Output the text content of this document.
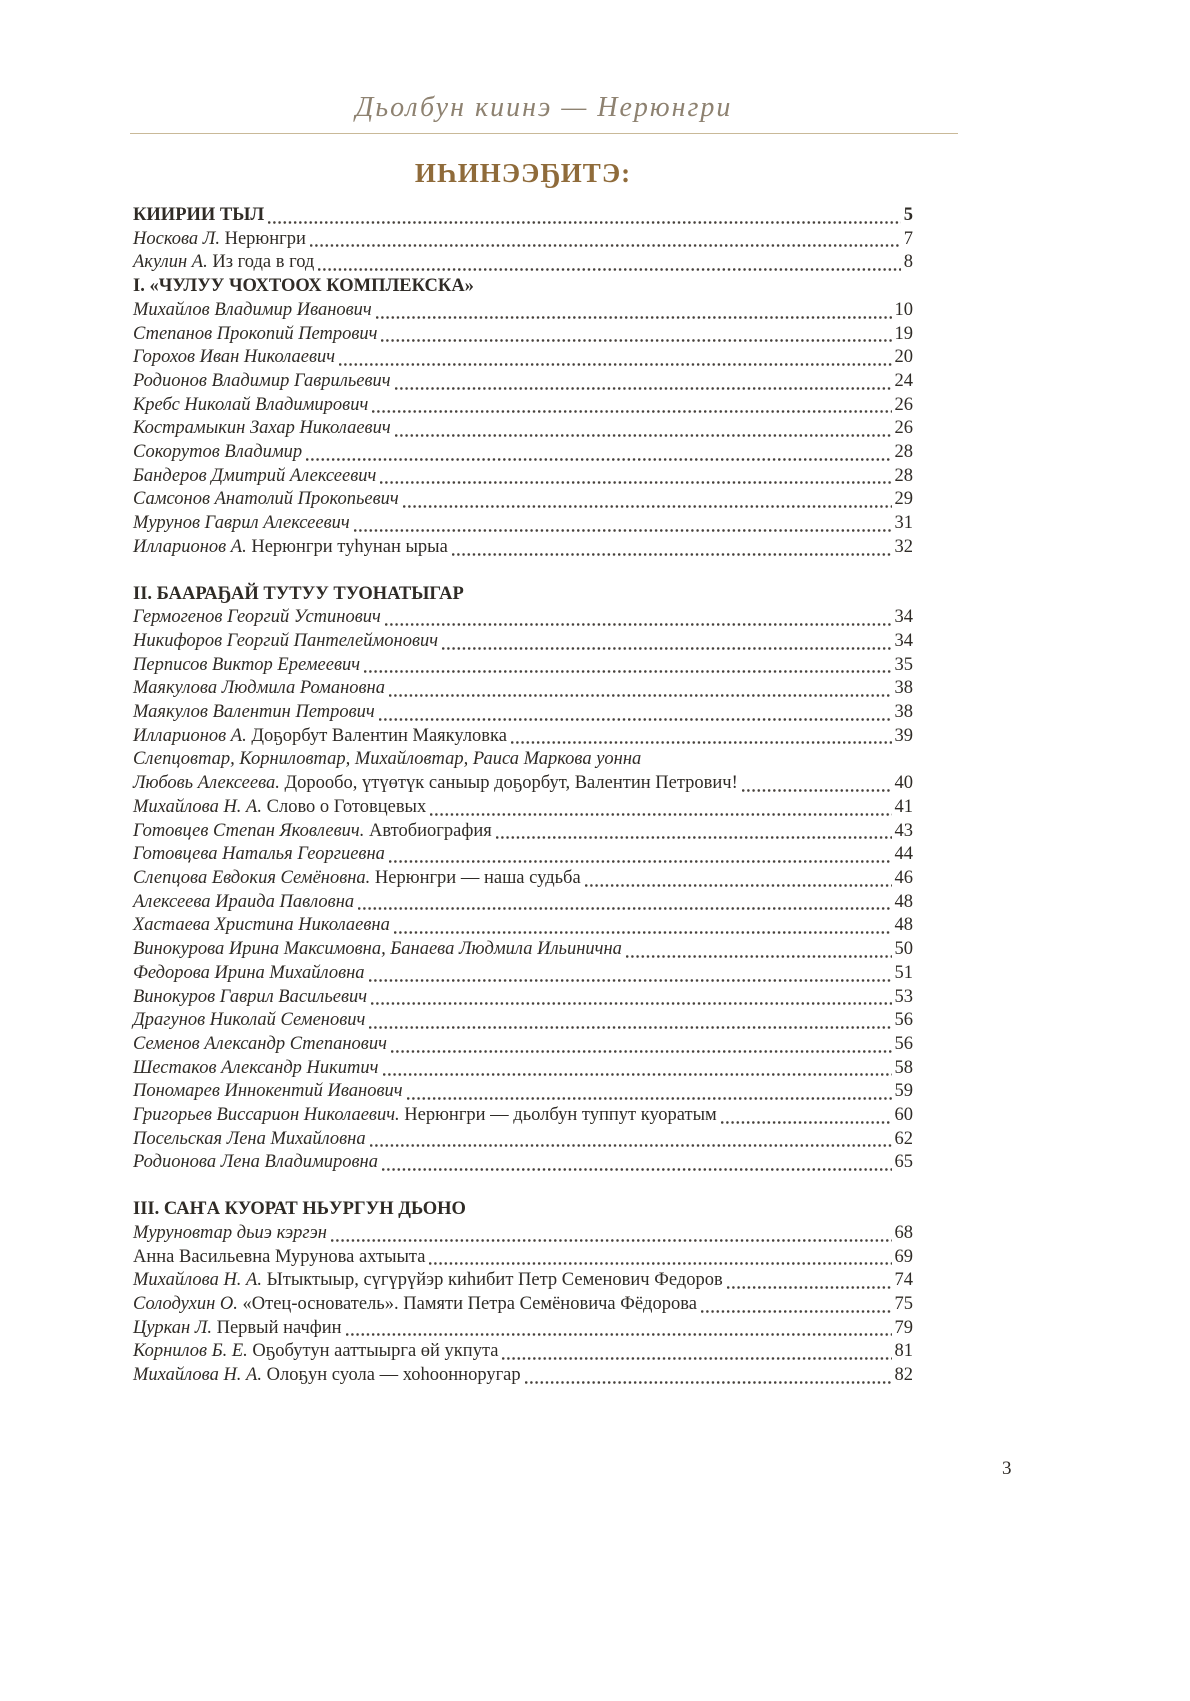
Дьолбун киинэ — Нерюнгри
ИҺИНЭЭҔИТЭ:
КИИРИИ ТЫЛ	5
Носкова Л. Нерюнгри	7
Акулин А. Из года в год	8
I. «ЧУЛУУ ЧОХТООХ КОМПЛЕКСКА»
Михайлов Владимир Иванович	10
Степанов Прокопий Петрович	19
Горохов Иван Николаевич	20
Родионов Владимир Гаврильевич	24
Кребс Николай Владимирович	26
Кострамыкин Захар Николаевич	26
Сокорутов Владимир	28
Бандеров Дмитрий Алексеевич	28
Самсонов Анатолий Прокопьевич	29
Мурунов Гаврил Алексеевич	31
Илларионов А. Нерюнгри туһунан ырыа	32
II. БААРАҔАЙ ТУТУУ ТУОНАТЫГАР
Гермогенов Георгий Устинович	34
Никифоров Георгий Пантелеймонович	34
Перписов Виктор Еремеевич	35
Маякулова Людмила Романовна	38
Маякулов Валентин Петрович	38
Илларионов А. Доҕорбут Валентин Маякуловка	39
Слепцовтар, Корниловтар, Михайловтар, Раиса Маркова уонна
Любовь Алексеева. Дорообо, үтүөтүк саныыр доҕорбут, Валентин Петрович!	40
Михайлова Н. А. Слово о Готовцевых	41
Готовцев Степан Яковлевич. Автобиография	43
Готовцева Наталья Георгиевна	44
Слепцова Евдокия Семёновна. Нерюнгри — наша судьба	46
Алексеева Ираида Павловна	48
Хастаева Христина Николаевна	48
Винокурова Ирина Максимовна, Банаева Людмила Ильинична	50
Федорова Ирина Михайловна	51
Винокуров Гаврил Васильевич	53
Драгунов Николай Семенович	56
Семенов Александр Степанович	56
Шестаков Александр Никитич	58
Пономарев Иннокентий Иванович	59
Григорьев Виссарион Николаевич. Нерюнгри — дьолбун туппут куоратым	60
Посельская Лена Михайловна	62
Родионова Лена Владимировна	65
III. САҤА КУОРАТ НЬУРГУН ДЬОНО
Муруновтар дьиэ кэргэн	68
Анна Васильевна Мурунова ахтыыта	69
Михайлова Н. А. Ытыктыыр, сүгүрүйэр киһибит Петр Семенович Федоров	74
Солодухин О. «Отец-основатель». Памяти Петра Семёновича Фёдорова	75
Цуркан Л. Первый начфин	79
Корнилов Б. Е. Оҕобутун ааттыырга өй укпута	81
Михайлова Н. А. Олоҕун суола — хоһоонноругар	82
3
